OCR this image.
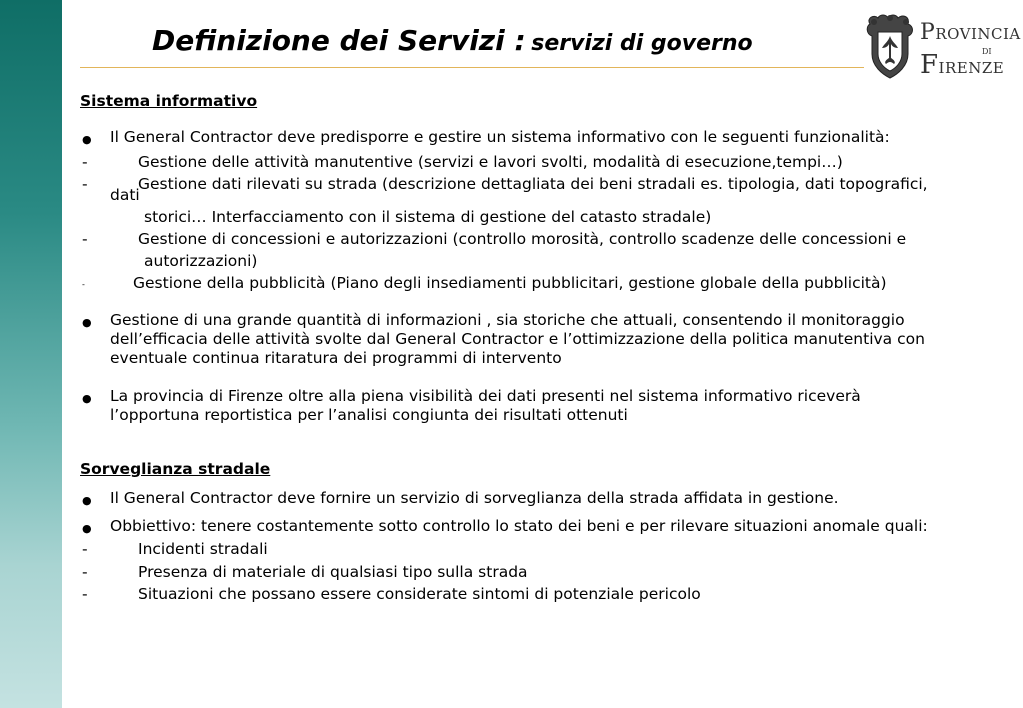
Definizione dei Servizi : servizi di governo	PROVINCIA
DI
FIRENZE
Sistema informativo
● Il General Contractor deve predisporre e gestire un sistema informativo con le seguenti funzionalità:
-	Gestione delle attività manutentive (servizi e lavori svolti, modalità di esecuzione,tempi…)
-	Gestione dati rilevati su strada (descrizione dettagliata dei beni stradali es. tipologia, dati topografici,
dati
storici… Interfacciamento con il sistema di gestione del catasto stradale)
-	Gestione di concessioni e autorizzazioni (controllo morosità, controllo scadenze delle concessioni e
autorizzazioni)
-	Gestione della pubblicità (Piano degli insediamenti pubblicitari, gestione globale della pubblicità)
● Gestione di una grande quantità di informazioni , sia storiche che attuali, consentendo il monitoraggio
dell’efficacia delle attività svolte dal General Contractor e l’ottimizzazione della politica manutentiva con
eventuale continua ritaratura dei programmi di intervento
● La provincia di Firenze oltre alla piena visibilità dei dati presenti nel sistema informativo riceverà
l’opportuna reportistica per l’analisi congiunta dei risultati ottenuti
Sorveglianza stradale
● Il General Contractor deve fornire un servizio di sorveglianza della strada affidata in gestione.
● Obbiettivo: tenere costantemente sotto controllo lo stato dei beni e per rilevare situazioni anomale quali:
-	Incidenti stradali
-	Presenza di materiale di qualsiasi tipo sulla strada
-	Situazioni che possano essere considerate sintomi di potenziale pericolo
